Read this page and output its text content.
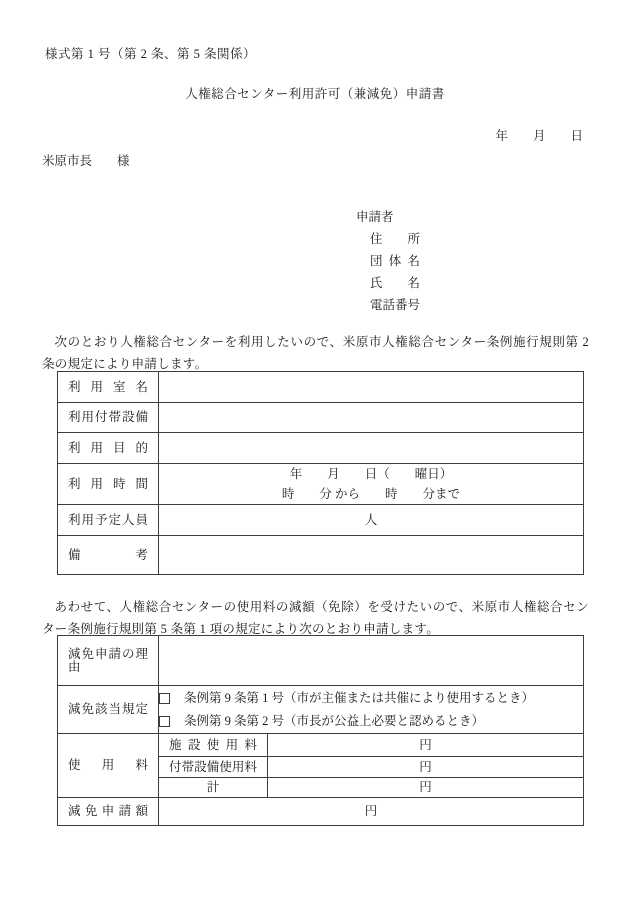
様式第 1 号（第 2 条、第 5 条関係）
人権総合センター利用許可（兼減免）申請書
年　　月　　日
米原市長　　様
申請者
住所
団体名
氏名
電話番号

次のとおり人権総合センターを利用したいので、米原市人権総合センター条例施行規則第 2 条の規定により申請します。

利用室名	

利用付帯設備	

利用目的	

利用時間	年　　月　　日（　　曜日）
時　　分 から　　時　　分まで

利用予定人員	人

備考	

あわせて、人権総合センターの使用料の減額（免除）を受けたいので、米原市人権総合センター条例施行規則第 5 条第 1 項の規定により次のとおり申請します。

減免申請の理由		

減免該当規定	条例第 9 条第 1 号（市が主催または共催により使用するとき）
条例第 9 条第 2 号（市長が公益上必要と認めるとき）	

使用料	施設使用料	円

	付帯設備使用料	円

	計	円

減免申請額	円	
